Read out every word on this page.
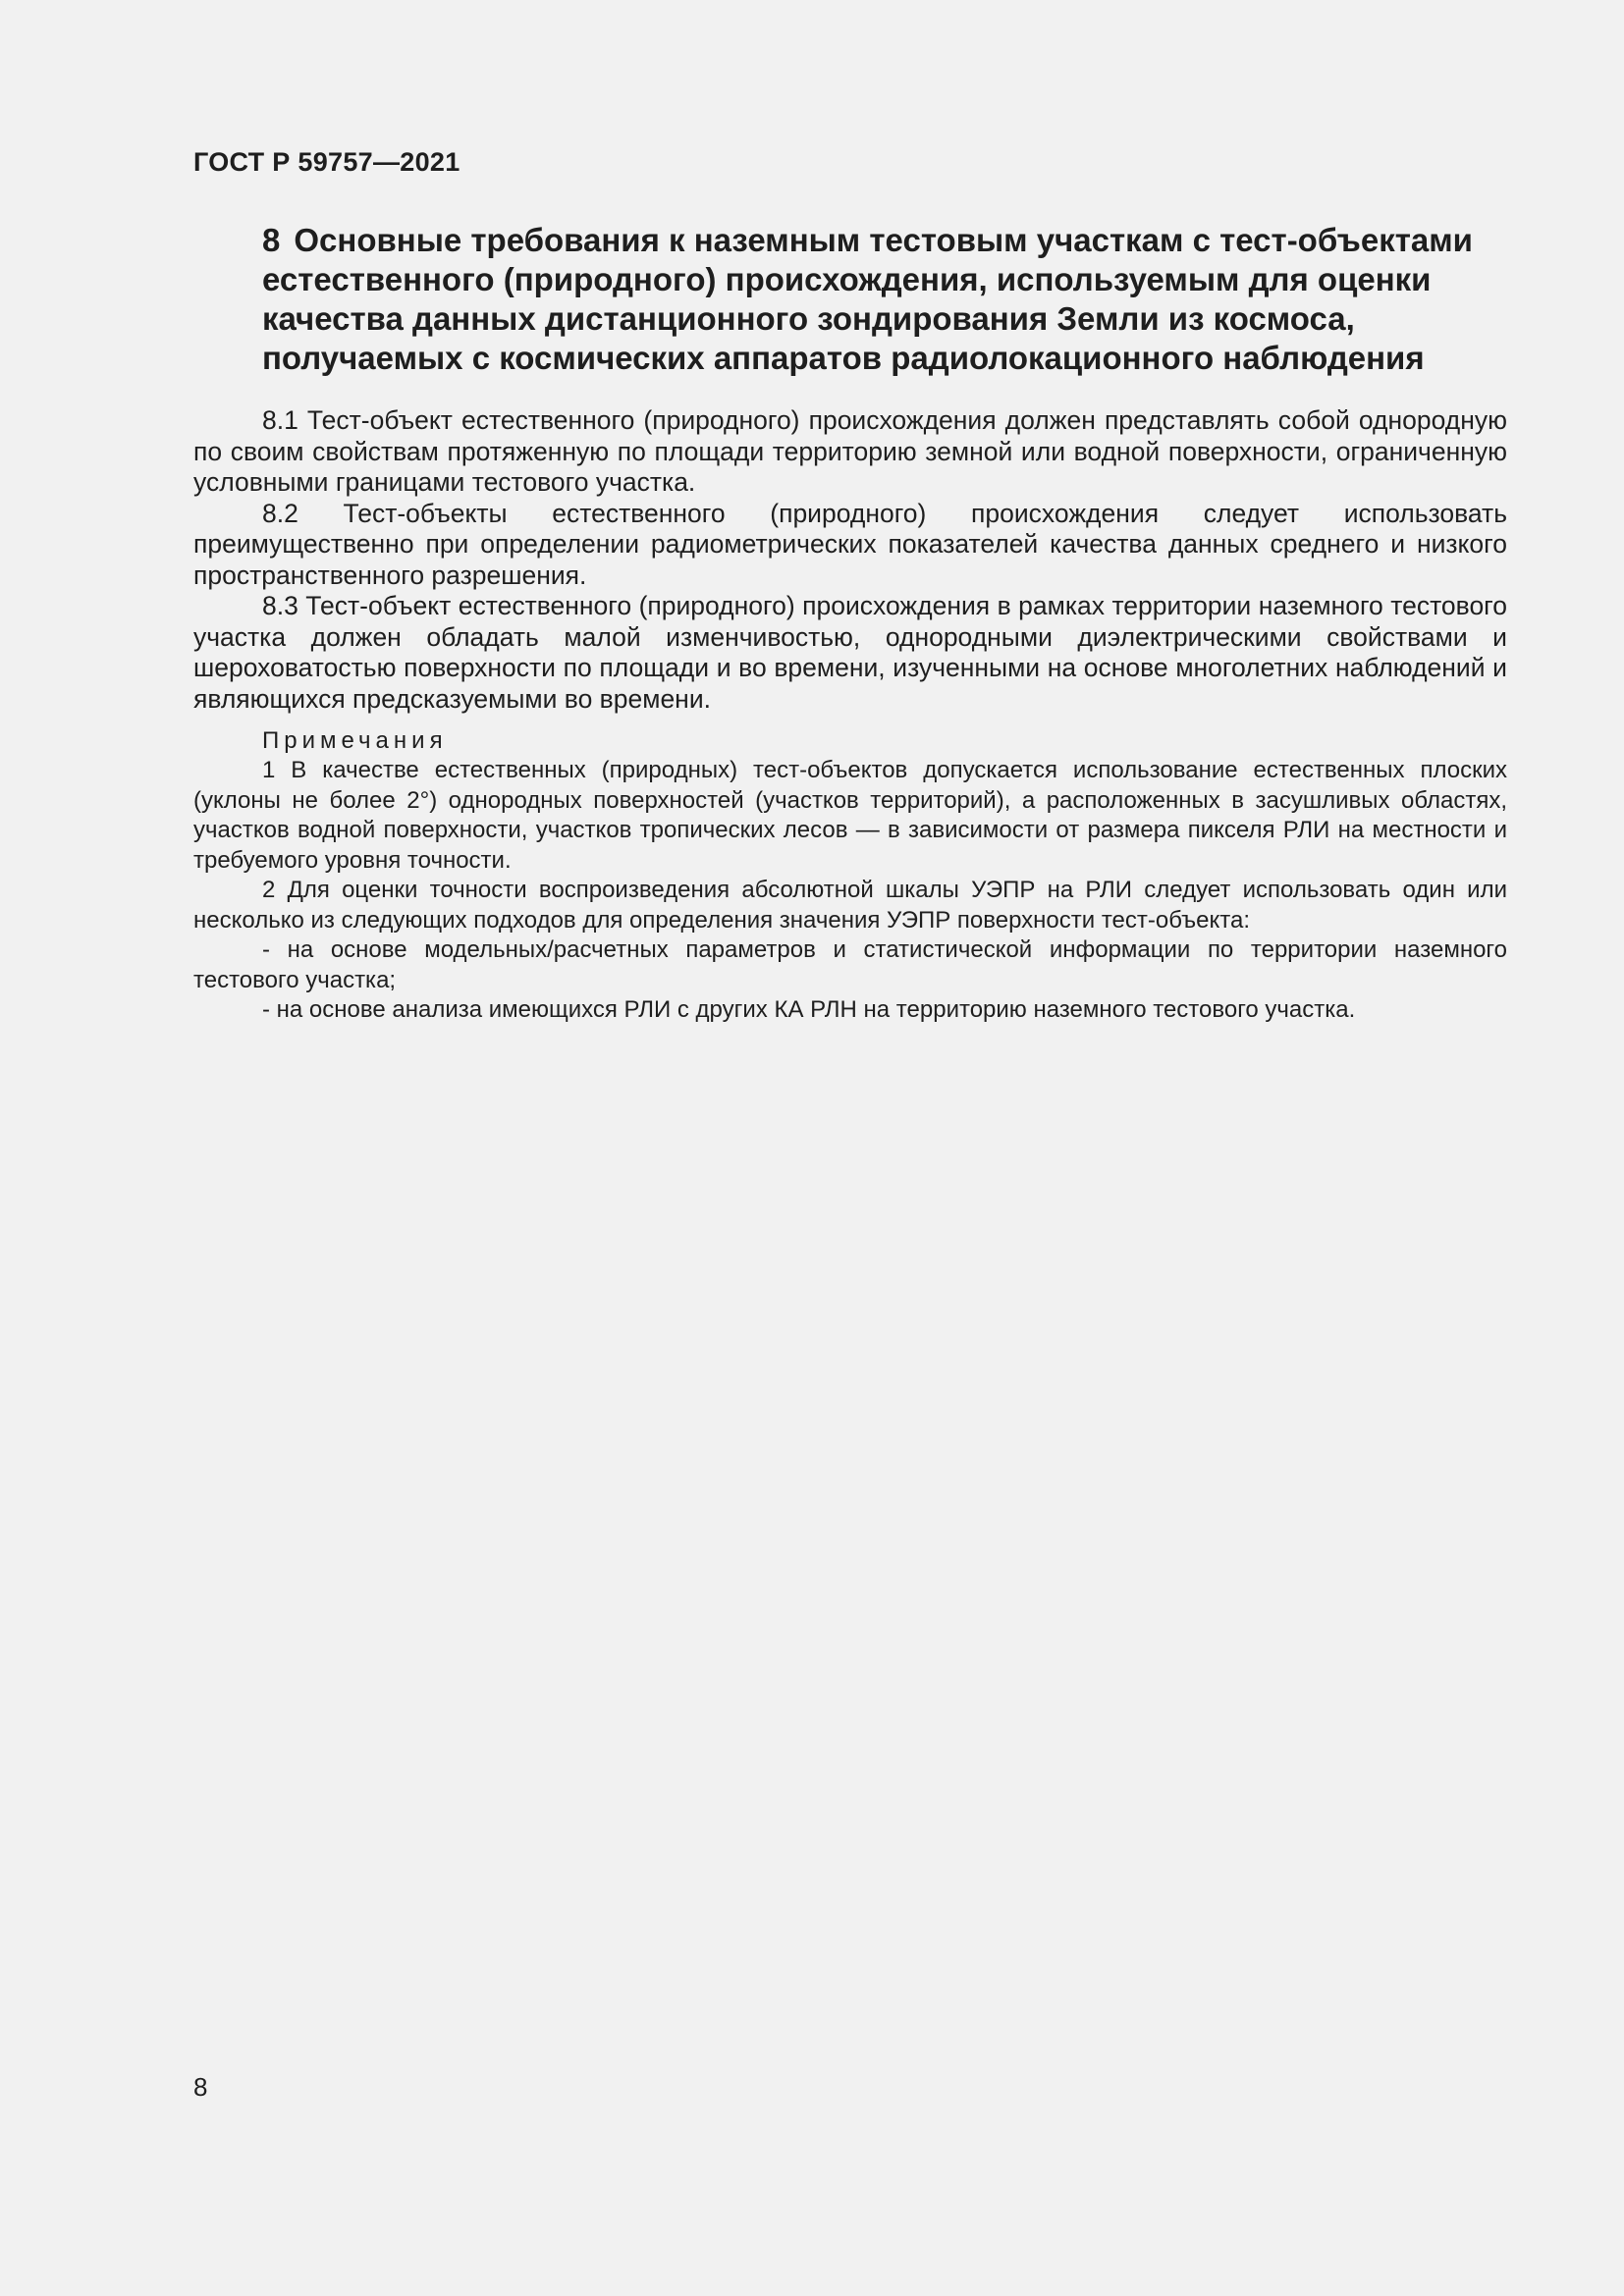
ГОСТ Р 59757—2021

8 Основные требования к наземным тестовым участкам с тест-объектами естественного (природного) происхождения, используемым для оценки качества данных дистанционного зондирования Земли из космоса, получаемых с космических аппаратов радиолокационного наблюдения

8.1 Тест-объект естественного (природного) происхождения должен представлять собой однородную по своим свойствам протяженную по площади территорию земной или водной поверхности, ограниченную условными границами тестового участка.

8.2 Тест-объекты естественного (природного) происхождения следует использовать преимущественно при определении радиометрических показателей качества данных среднего и низкого пространственного разрешения.

8.3 Тест-объект естественного (природного) происхождения в рамках территории наземного тестового участка должен обладать малой изменчивостью, однородными диэлектрическими свойствами и шероховатостью поверхности по площади и во времени, изученными на основе многолетних наблюдений и являющихся предсказуемыми во времени.

Примечания

1 В качестве естественных (природных) тест-объектов допускается использование естественных плоских (уклоны не более 2°) однородных поверхностей (участков территорий), а расположенных в засушливых областях, участков водной поверхности, участков тропических лесов — в зависимости от размера пикселя РЛИ на местности и требуемого уровня точности.

2 Для оценки точности воспроизведения абсолютной шкалы УЭПР на РЛИ следует использовать один или несколько из следующих подходов для определения значения УЭПР поверхности тест-объекта:

- на основе модельных/расчетных параметров и статистической информации по территории наземного тестового участка;

- на основе анализа имеющихся РЛИ с других КА РЛН на территорию наземного тестового участка.

8
